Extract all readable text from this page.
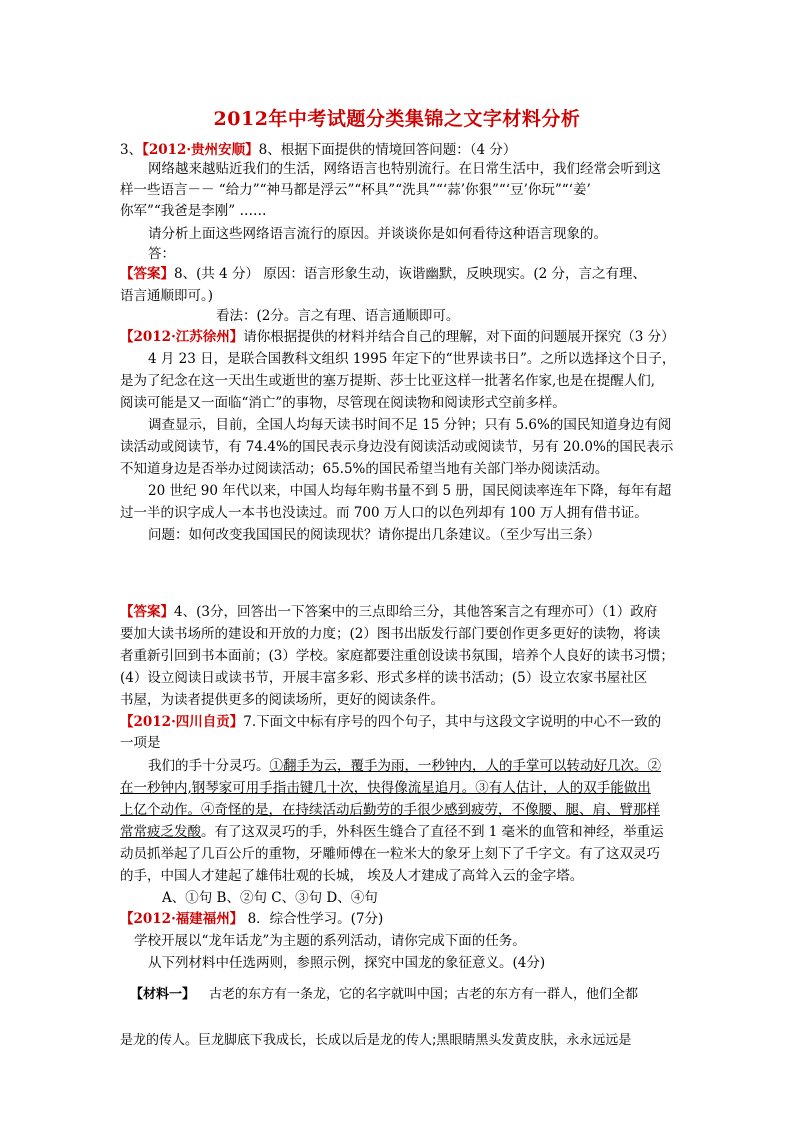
2012年中考试题分类集锦之文字材料分析
3、【2012·贵州安顺】8、根据下面提供的情境回答问题：（4 分）
网络越来越贴近我们的生活，网络语言也特别流行。在日常生活中，我们经常会听到这
样一些语言－－ “给力”“神马都是浮云”“杯具”“洗具”“‘蒜’你狠”“‘豆’你玩”“‘姜’
你军”“我爸是李刚” ……
请分析上面这些网络语言流行的原因。并谈谈你是如何看待这种语言现象的。
答：
【答案】8、(共 4 分） 原因：语言形象生动，诙谐幽默，反映现实。(2 分，言之有理、
语言通顺即可。)
看法：(2分。言之有理、语言通顺即可。
【2012·江苏徐州】请你根据提供的材料并结合自己的理解，对下面的问题展开探究（3 分）
4 月 23 日，是联合国教科文组织 1995 年定下的“世界读书日”。之所以选择这个日子，
是为了纪念在这一天出生或逝世的塞万提斯、莎士比亚这样一批著名作家,也是在提醒人们,
阅读可能是又一面临“消亡”的事物，尽管现在阅读物和阅读形式空前多样。
调查显示，目前，全国人均每天读书时间不足 15 分钟；只有 5.6%的国民知道身边有阅
读活动或阅读节，有 74.4%的国民表示身边没有阅读活动或阅读节，另有 20.0%的国民表示
不知道身边是否举办过阅读活动；65.5%的国民希望当地有关部门举办阅读活动。
20 世纪 90 年代以来，中国人均每年购书量不到 5 册，国民阅读率连年下降，每年有超
过一半的识字成人一本书也没读过。而 700 万人口的以色列却有 100 万人拥有借书证。
问题：如何改变我国国民的阅读现状？请你提出几条建议。（至少写出三条）
【答案】4、(3分，回答出一下答案中的三点即给三分，其他答案言之有理亦可）（1）政府
要加大读书场所的建设和开放的力度；(2）图书出版发行部门要创作更多更好的读物，将读
者重新引回到书本面前；(3）学校。家庭都要注重创设读书氛围，培养个人良好的读书习惯；
(4）设立阅读日或读书节，开展丰富多彩、形式多样的读书活动；(5）设立农家书屋社区
书屋，为读者提供更多的阅读场所，更好的阅读条件。
【2012·四川自贡】7.下面文中标有序号的四个句子，其中与这段文字说明的中心不一致的
一项是
我们的手十分灵巧。①翻手为云，覆手为雨，一秒钟内，人的手掌可以转动好几次。②
在一秒钟内,钢琴家可用手指击键几十次，快得像流星追月。③有人估计，人的双手能做出
上亿个动作。④奇怪的是，在持续活动后勤劳的手很少感到疲劳，不像腰、腿、肩、臂那样
常常疲乏发酸。有了这双灵巧的手，外科医生缝合了直径不到 1 毫米的血管和神经，举重运
动员抓举起了几百公斤的重物，牙雕师傅在一粒米大的象牙上刻下了千字文。有了这双灵巧
的手，中国人才建起了雄伟壮观的长城， 埃及人才建成了高耸入云的金字塔。
A、①句 B、②句 C、③句 D、④句
【2012·福建福州】 8．综合性学习。(7分)
学校开展以“龙年话龙”为主题的系列活动，请你完成下面的任务。
从下列材料中任选两则，参照示例，探究中国龙的象征意义。(4分)
【材料一】 古老的东方有一条龙，它的名字就叫中国；古老的东方有一群人，他们全都
是龙的传人。巨龙脚底下我成长，长成以后是龙的传人;黑眼睛黑头发黄皮肤，永永远远是
